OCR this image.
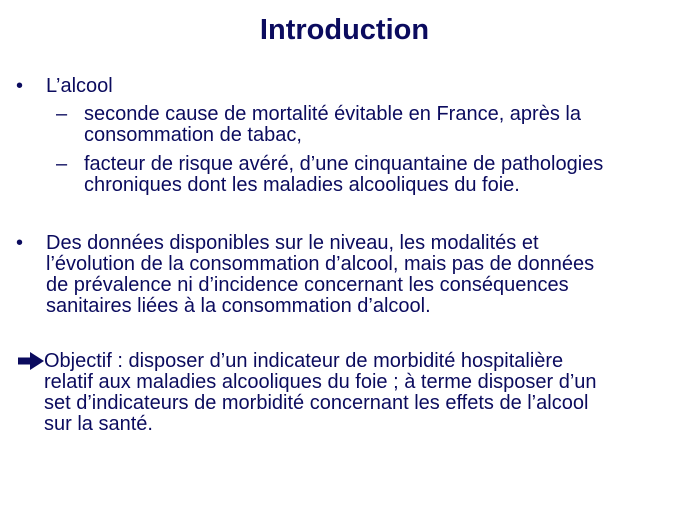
Introduction
• L’alcool
– seconde cause de mortalité évitable en France, après la
consommation de tabac,
– facteur de risque avéré, d’une cinquantaine de pathologies
chroniques dont les maladies alcooliques du foie.
• Des données disponibles sur le niveau, les modalités et
l’évolution de la consommation d’alcool, mais pas de données
de prévalence ni d’incidence concernant les conséquences
sanitaires liées à la consommation d’alcool.
Objectif : disposer d’un indicateur de morbidité hospitalière
relatif aux maladies alcooliques du foie ; à terme disposer d’un
set d’indicateurs de morbidité concernant les effets de l’alcool
sur la santé.
